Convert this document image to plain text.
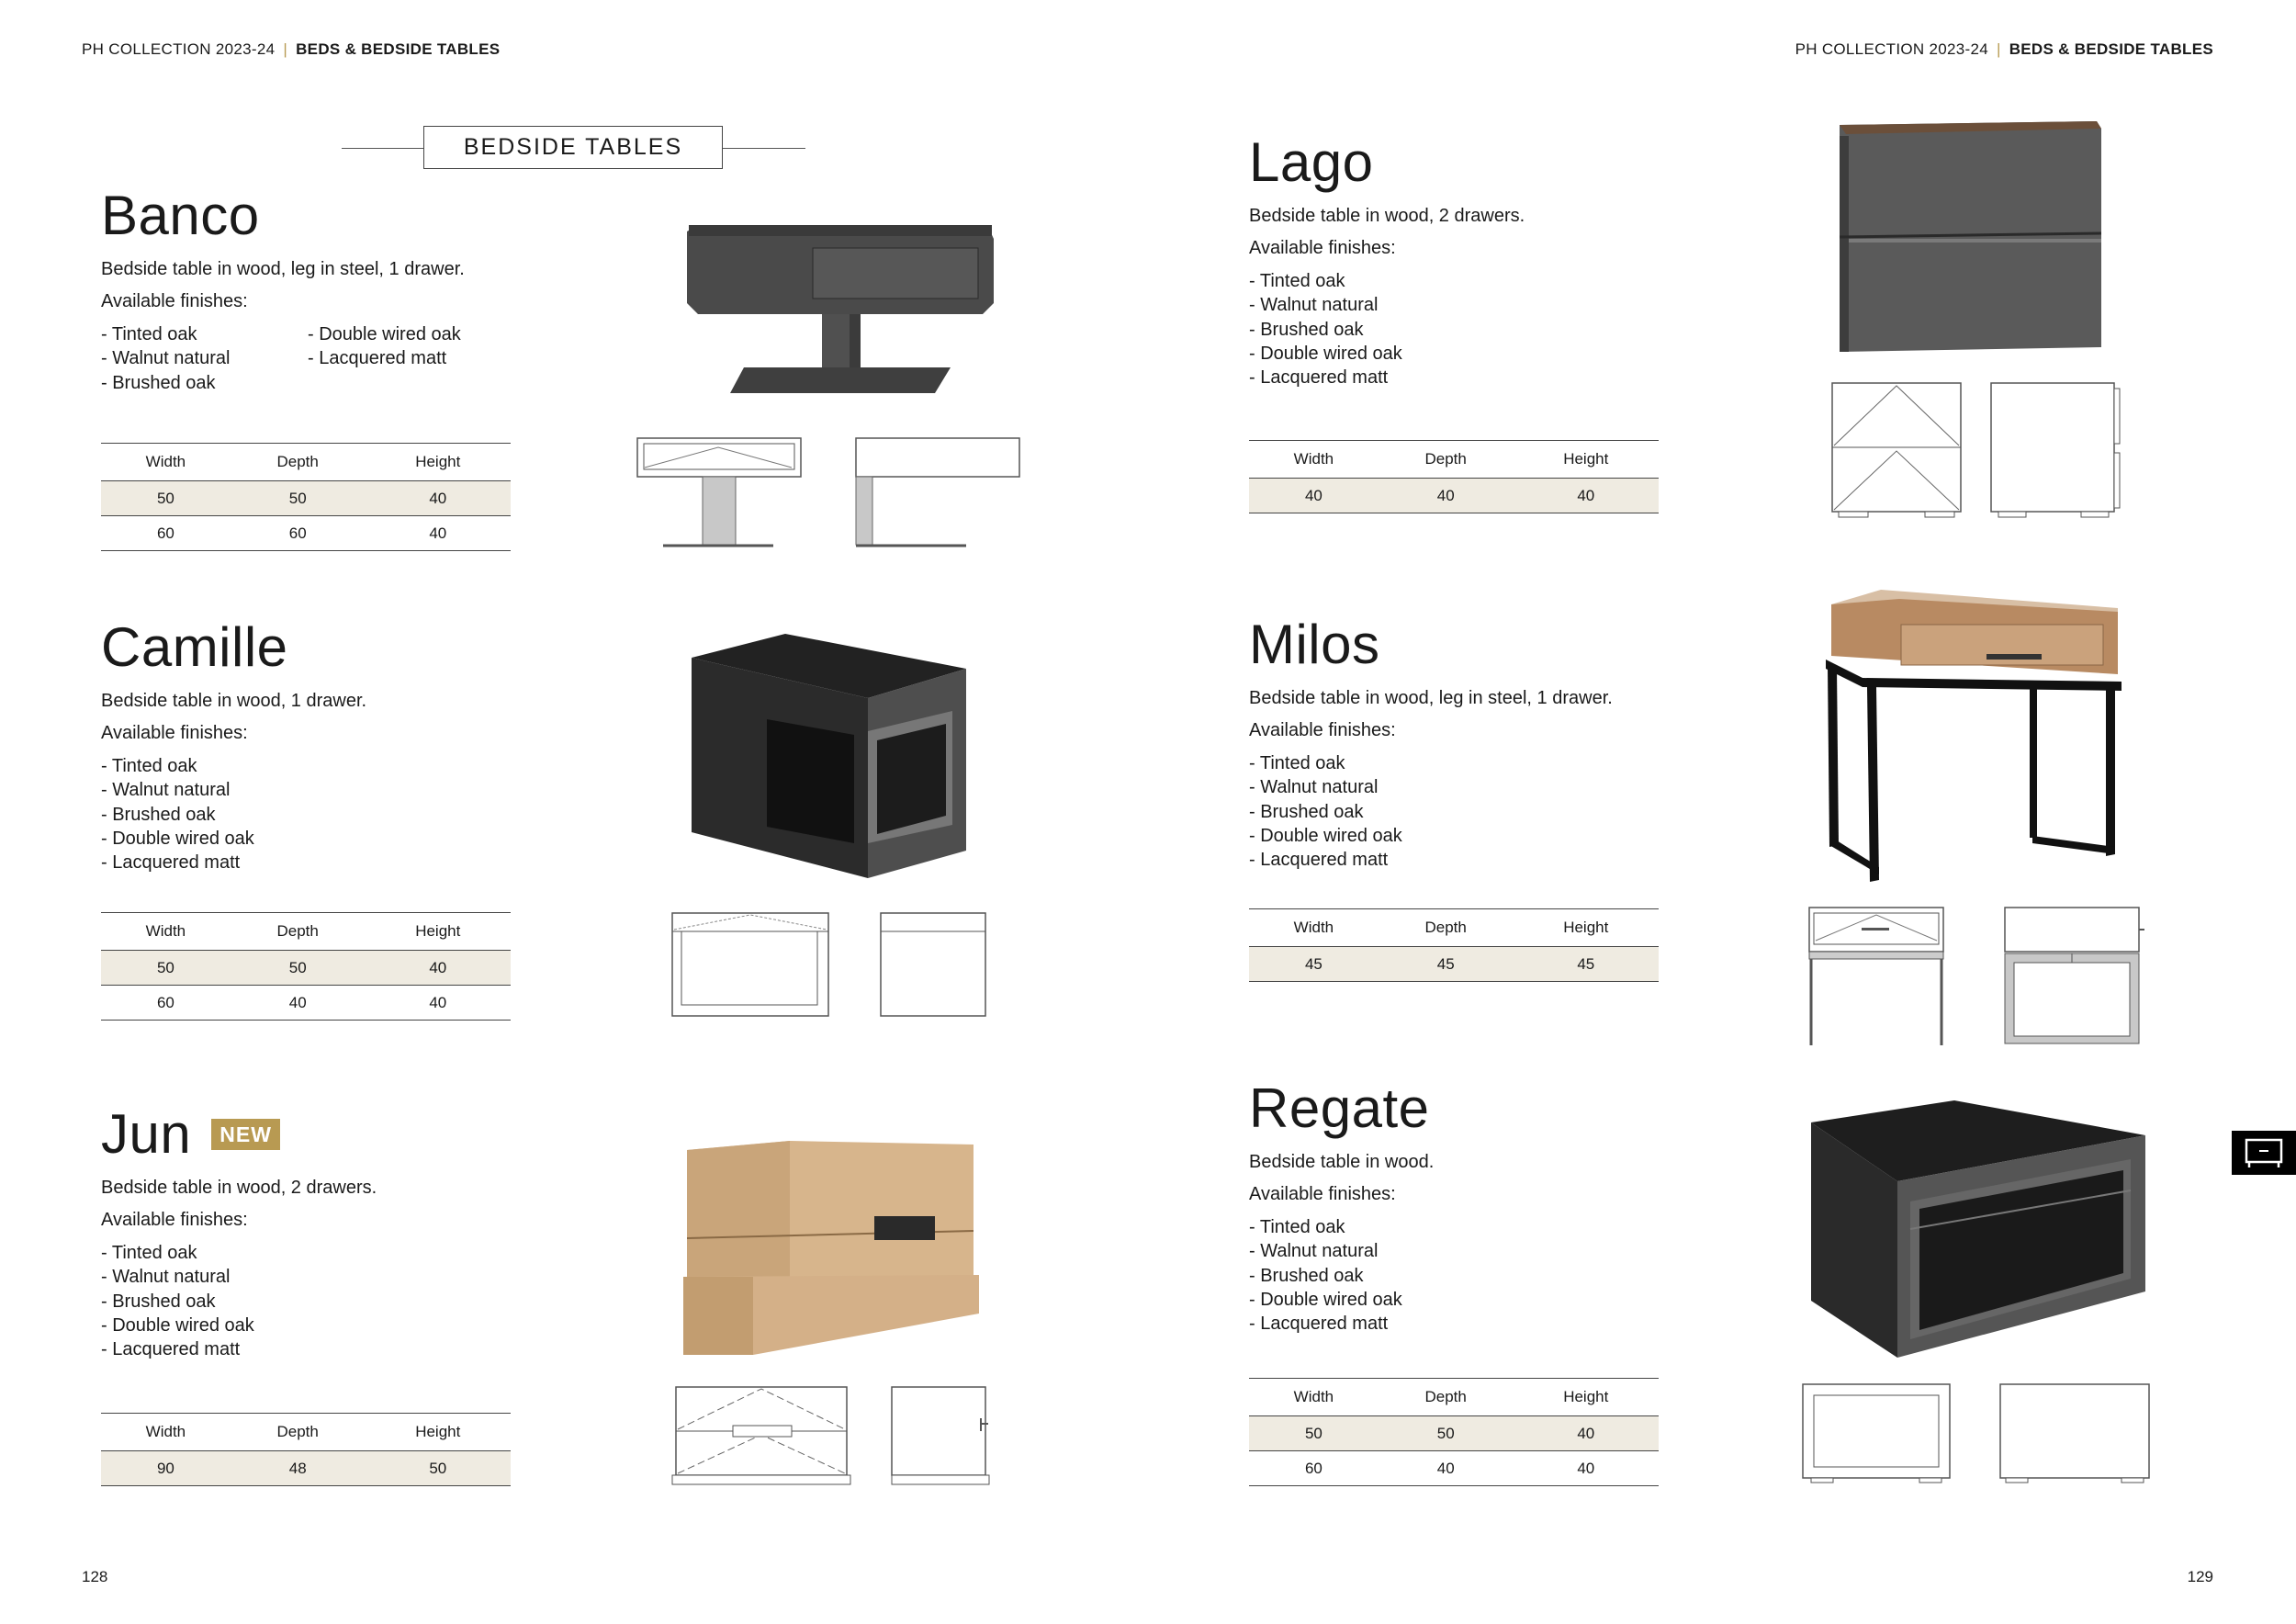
PH COLLECTION 2023-24 | BEDS & BEDSIDE TABLES	PH COLLECTION 2023-24 | BEDS & BEDSIDE TABLES
BEDSIDE TABLES
Banco
Bedside table in wood, leg in steel, 1 drawer.
Available finishes:
- Tinted oak
- Walnut natural
- Brushed oak
- Double wired oak
- Lacquered matt
Width	Depth	Height
50	50	40
60	60	40
Camille
Bedside table in wood, 1 drawer.
Available finishes:
- Tinted oak
- Walnut natural
- Brushed oak
- Double wired oak
- Lacquered matt
Width	Depth	Height
50	50	40
60	40	40
Jun	NEW
Bedside table in wood, 2 drawers.
Available finishes:
- Tinted oak
- Walnut natural
- Brushed oak
- Double wired oak
- Lacquered matt
Width	Depth	Height
90	48	50
Lago
Bedside table in wood, 2 drawers.
Available finishes:
- Tinted oak
- Walnut natural
- Brushed oak
- Double wired oak
- Lacquered matt
Width	Depth	Height
40	40	40
Milos
Bedside table in wood, leg in steel, 1 drawer.
Available finishes:
- Tinted oak
- Walnut natural
- Brushed oak
- Double wired oak
- Lacquered matt
Width	Depth	Height
45	45	45
Regate
Bedside table in wood.
Available finishes:
- Tinted oak
- Walnut natural
- Brushed oak
- Double wired oak
- Lacquered matt
Width	Depth	Height
50	50	40
60	40	40
128	129
